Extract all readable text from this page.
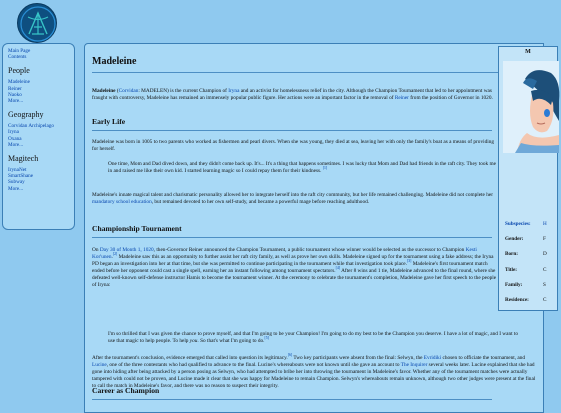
Main Page
Contents
People
Madeleine
Reiner
Naoko
More...
Geography
Corvidan Archipelago
Iryna
Oxana
More...
Magitech
IrynaNet
SmartShane
Subway
More...
Madeleine

Madeleine (Corvidan: MADELEN) is the current Champion of Iryna and an activist for homelessness relief in the city. Although the Champion Tournament that led to her appointment was fraught with controversy, Madeleine has remained an immensely popular public figure. Her actions were an important factor in the removal of Reiner from the position of Governor in 1020.

Early Life

Madeleine was born in 1005 to two parents who worked as fishermen and pearl divers. When she was young, they died at sea, leaving her with only the family's boat as a means of providing for herself.

One time, Mom and Dad dived down, and they didn't come back up. It's... It's a thing that happens sometimes. I was lucky that Mom and Dad had friends in the raft city. They took me in and raised me like their own kid. I started learning magic so I could repay them for their kindness. [1]

Madeleine's innate magical talent and charismatic personality allowed her to integrate herself into the raft city community, but her life remained challenging. Madeleine did not complete her mandatory school education, but remained devoted to her own self-study, and became a powerful mage before reaching adulthood.

Championship Tournament

On Day 30 of Month 1, 1020, then-Governor Reiner announced the Champion Tournament, a public tournament whose winner would be selected as the successor to Champion Kesti Kor'unen.[2] Madeleine saw this as an opportunity to further assist her raft city family, as well as prove her own skills. Madeleine signed up for the tournament using a fake address; the Iryna PD began an investigation into her at that time, but she was permitted to continue participating in the tournament while that investigation took place.[3] Madeleine's first tournament match ended before her opponent could cast a single spell, earning her an instant following among tournament spectators.[4] After 8 wins and 1 tie, Madeleine advanced to the final round, where she defeated well-known self-defense instructor Hamis to become the tournament winner. At the ceremony to celebrate the tournament's completion, Madeleine gave her first speech to the people of Iryna:

I'm so thrilled that I was given the chance to prove myself, and that I'm going to be your Champion! I'm going to do my best to be the Champion you deserve. I have a lot of magic, and I want to use that magic to help people. To help you. So that's what I'm going to do.[5]

After the tournament's conclusion, evidence emerged that called into question its legitimacy.[6] Two key participants were absent from the final: Selwyn, the Evridiki chosen to officiate the tournament, and Lucine, one of the three contestants who had qualified to advance to the final. Lucine's whereabouts were not known until she gave an account to The Inquirer several weeks later. Lucine explained that she had gone into hiding after being attacked by a person posing as Selwyn, who had attempted to bribe her into throwing the tournament in Madeleine's favor. Whether any of the tournament matches were actually tampered with could not be proven, and Lucine made it clear that she was happy for Madeleine to remain Champion. Selwyn's whereabouts remain unknown, although two other judges were present at the final to call the match in Madeleine's favor, and there was no reason to suspect their integrity.

Career as Champion
M
Subspecies: H
Gender:	F
Born:	D
Title:	C
Family:	S
Residence:	C
